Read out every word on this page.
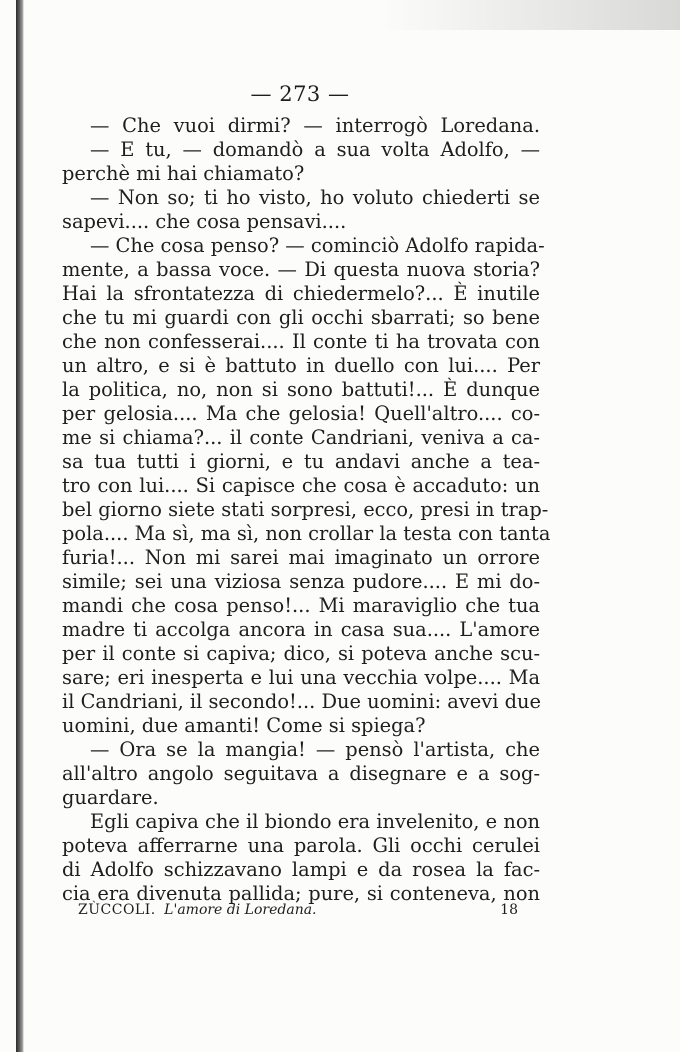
— 273 —
— Che vuoi dirmi? — interrogò Loredana.
— E tu, — domandò a sua volta Adolfo, —
perchè mi hai chiamato?
— Non so; ti ho visto, ho voluto chiederti se
sapevi.... che cosa pensavi....
— Che cosa penso? — cominciò Adolfo rapida-
mente, a bassa voce. — Di questa nuova storia?
Hai la sfrontatezza di chiedermelo?... È inutile
che tu mi guardi con gli occhi sbarrati; so bene
che non confesserai.... Il conte ti ha trovata con
un altro, e si è battuto in duello con lui.... Per
la politica, no, non si sono battuti!... È dunque
per gelosia.... Ma che gelosia! Quell'altro.... co-
me si chiama?... il conte Candriani, veniva a ca-
sa tua tutti i giorni, e tu andavi anche a tea-
tro con lui.... Si capisce che cosa è accaduto: un
bel giorno siete stati sorpresi, ecco, presi in trap-
pola.... Ma sì, ma sì, non crollar la testa con tanta
furia!... Non mi sarei mai imaginato un orrore
simile; sei una viziosa senza pudore.... E mi do-
mandi che cosa penso!... Mi maraviglio che tua
madre ti accolga ancora in casa sua.... L'amore
per il conte si capiva; dico, si poteva anche scu-
sare; eri inesperta e lui una vecchia volpe.... Ma
il Candriani, il secondo!... Due uomini: avevi due
uomini, due amanti! Come si spiega?
— Ora se la mangia! — pensò l'artista, che
all'altro angolo seguitava a disegnare e a sog-
guardare.
Egli capiva che il biondo era invelenito, e non
poteva afferrarne una parola. Gli occhi cerulei
di Adolfo schizzavano lampi e da rosea la fac-
cia era divenuta pallida; pure, si conteneva, non
ZÙCCOLI. L'amore di Loredana.	18
